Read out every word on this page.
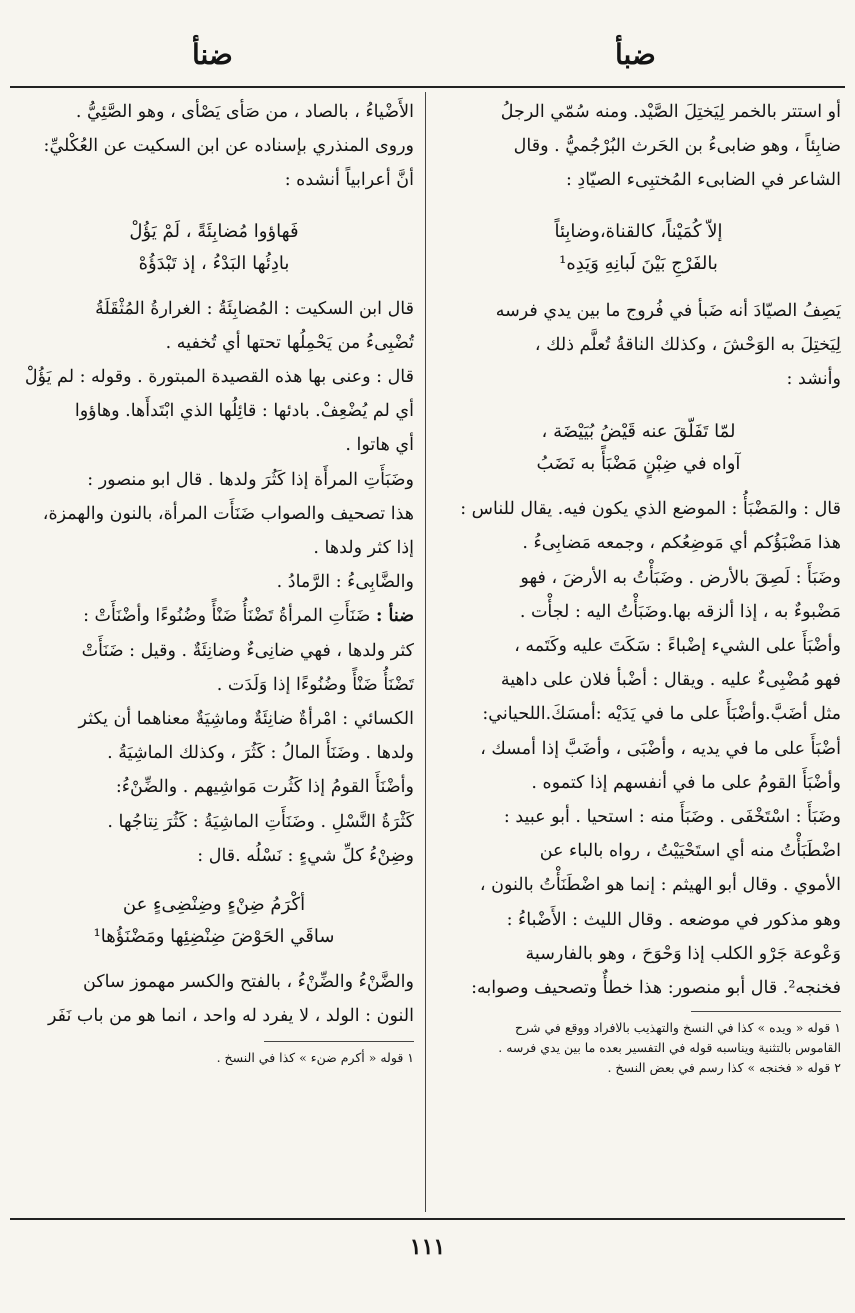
ضبأ
ضنأ

أو استتر بالخمر لِيَختِلَ الصَّيْد. ومنه سُمّي الرجلُ
ضابِئاً ، وهو ضابىءُ بن الحَرث البُرْجُميُّ . وقال
الشاعر في الضابىء المُختبِىء الصيّادِ :

إلاّ كُمَيْناً، كالقناة،وضابِئاً
بالفَرْجِ بَيْنَ لَبانِهِ وَيَدِه¹

يَصِفُ الصيّادَ أنه ضَبأ في فُروج ما بين يدي فرسه
لِيَختِلَ به الوَحْشَ ، وكذلك الناقةُ تُعلَّم ذلك ،
وأنشد :

لمّا تَفَلّقَ عنه قَيْضُ بُيَيْضَة ،
آواه في ضِبْنٍ مَضْبَأً به نَضَبُ

قال : والمَضْبَأُ : الموضع الذي يكون فيه. يقال للناس :
هذا مَضْبَؤُكم أي مَوضِعُكم ، وجمعه مَضابِىءُ .

وضَبَأَ : لَصِقَ بالأرض . وضَبَأْتُ به الأرضَ ، فهو
مَضْبوءٌ به ، إذا ألزقه بها.وضَبَأْتُ اليه : لجأْت .

وأضْبَأَ على الشيء إضْباءً : سَكَتَ عليه وكَتَمه ،
فهو مُضْبِىءٌ عليه . ويقال : أضْبأ فلان على داهية
مثل أضَبَّ.وأضْبَأَ على ما في يَدَيْه :أمسَكَ.اللحياني:
أضْبَأَ على ما في يديه ، وأضْبَى ، وأضَبَّ إذا أمسك ،
وأضْبَأَ القومُ على ما في أنفسهم إذا كتموه .

وضَبَأَ : اسْتَخْفَى . وضَبَأَ منه : استحيا . أبو عبيد :
اضْطَبَأْتُ منه أي استَحْيَيْتُ ، رواه بالباء عن
الأموي . وقال أبو الهيثم : إنما هو اضْطَنَأْتُ بالنون ،
وهو مذكور في موضعه . وقال الليث : الأَضْباءُ :
وَعْوعة جَرْو الكلب إذا وَحْوَحَ ، وهو بالفارسية
فخنجه². قال أبو منصور: هذا خطأٌ وتصحيف وصوابه:

١ قوله « ويده » كذا في النسخ والتهذيب بالافراد ووقع في شرح
القاموس بالتثنية ويناسبه قوله في التفسير بعده ما بين يدي فرسه .

٢ قوله « فخنجه » كذا رسم في بعض النسخ .

الأَضْياءُ ، بالصاد ، من صَأى يَصْأى ، وهو الصَّئِيُّ .
وروى المنذري بإسناده عن ابن السكيت عن العُكْليِّ:
أنَّ أعرابياً أنشده :

فَهاؤوا مُضابِئَةً ، لَمْ يَؤُلْ
بادِئُها البَدْءُ ، إذ تَبْدَؤُهْ

قال ابن السكيت : المُضابِئَةُ : الغرارةُ المُثْقَلَةُ
تُضْبِىءُ من يَحْمِلُها تحتها أي تُخفيه .

قال : وعنى بها هذه القصيدة المبتورة . وقوله : لم يَؤُلْ
أي لم يُضْعِفْ. بادئها : قائِلُها الذي ابْتَدأَها. وهاؤوا
أي هاتوا .

وضَبَأَتِ المرأَة إذا كَثُرَ ولدها . قال ابو منصور :
هذا تصحيف والصواب ضَنَأَت المرأة، بالنون والهمزة،
إذا كثر ولدها .

والضَّابِىءُ : الرَّمادُ .

ضنأ : ضَنَأَتِ المرأةُ تَضْنَأُ ضَنْأً وضُنُوءًا وأضْنَأَتْ :
كثر ولدها ، فهي ضانِىءٌ وضانِئَةٌ . وقيل : ضَنَأَتْ
تَضْنَأُ ضَنْأً وضُنُوءًا إذا وَلَدَت .

الكسائي : امْرأةٌ ضانِئَةٌ وماشِيَةٌ معناهما أن يكثر
ولدها . وضَنَأَ المالُ : كَثُرَ ، وكذلك الماشِيَةُ .
وأضْنَأَ القومُ إذا كَثُرت مَواشِيهم . والضِّنْءُ:
كَثْرَةُ النَّسْلِ . وضَنَأَتِ الماشِيَةُ : كَثُرَ نِتاجُها .
وضِنْءُ كلِّ شيءٍ : نَسْلُه .قال :

أكْرَمُ ضِنْءٍ وضِنْضِىءٍ عن
ساقَي الحَوْضَ ضِنْضِئِها ومَضْنَؤُها¹

والضَّنْءُ والضِّنْءُ ، بالفتح والكسر مهموز ساكن
النون : الولد ، لا يفرد له واحد ، انما هو من باب نَفَر

١ قوله « أكرم ضنء » كذا في النسخ .

١١١
